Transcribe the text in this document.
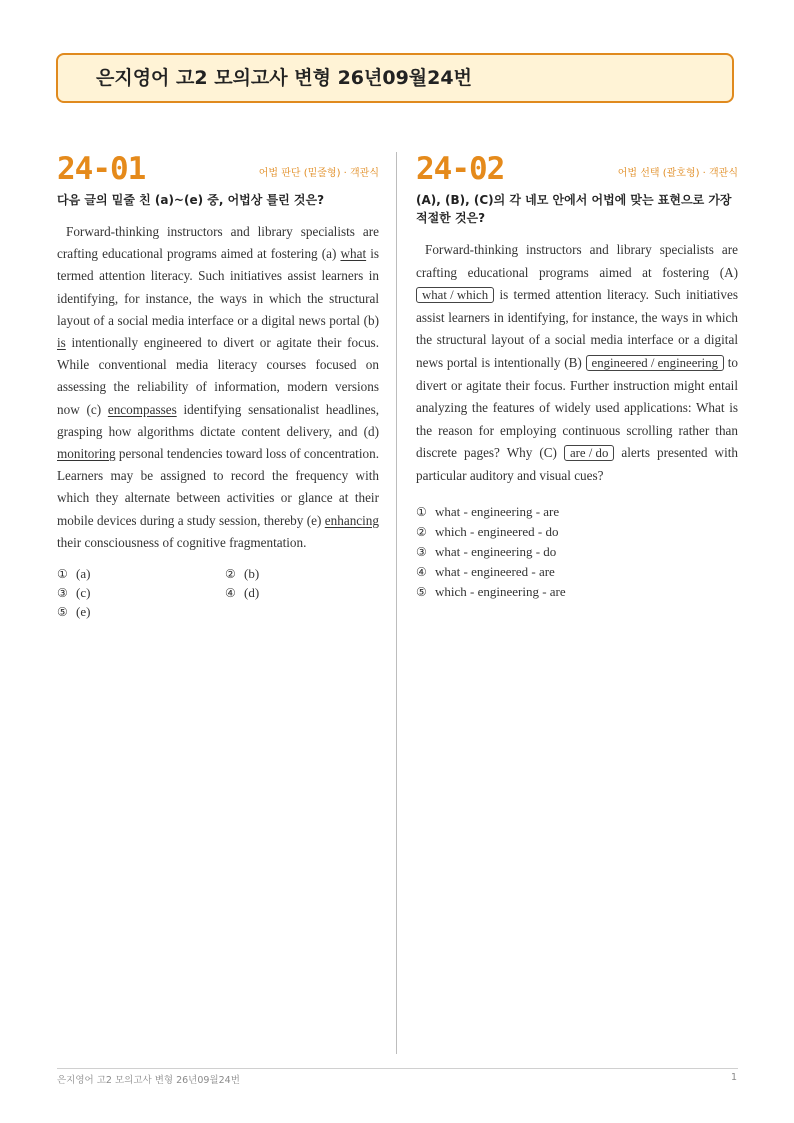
은지영어 고2 모의고사 변형 26년09월24번
24-01	어법 판단 (밑줄형) · 객관식
다음 글의 밑줄 친 (a)~(e) 중, 어법상 틀린 것은?
Forward-thinking instructors and library specialists are crafting educational programs aimed at fostering (a) what is termed attention literacy. Such initiatives assist learners in identifying, for instance, the ways in which the structural layout of a social media interface or a digital news portal (b) is intentionally engineered to divert or agitate their focus. While conventional media literacy courses focused on assessing the reliability of information, modern versions now (c) encompasses identifying sensationalist headlines, grasping how algorithms dictate content delivery, and (d) monitoring personal tendencies toward loss of concentration. Learners may be assigned to record the frequency with which they alternate between activities or glance at their mobile devices during a study session, thereby (e) enhancing their consciousness of cognitive fragmentation.
① (a)	② (b)
③ (c)	④ (d)
⑤ (e)
24-02	어법 선택 (괄호형) · 객관식
(A), (B), (C)의 각 네모 안에서 어법에 맞는 표현으로 가장 적절한 것은?
Forward-thinking instructors and library specialists are crafting educational programs aimed at fostering (A) what / which is termed attention literacy. Such initiatives assist learners in identifying, for instance, the ways in which the structural layout of a social media interface or a digital news portal is intentionally (B) engineered / engineering to divert or agitate their focus. Further instruction might entail analyzing the features of widely used applications: What is the reason for employing continuous scrolling rather than discrete pages? Why (C) are / do alerts presented with particular auditory and visual cues?
① what - engineering - are
② which - engineered - do
③ what - engineering - do
④ what - engineered - are
⑤ which - engineering - are
은지영어 고2 모의고사 변형 26년09월24번	1
